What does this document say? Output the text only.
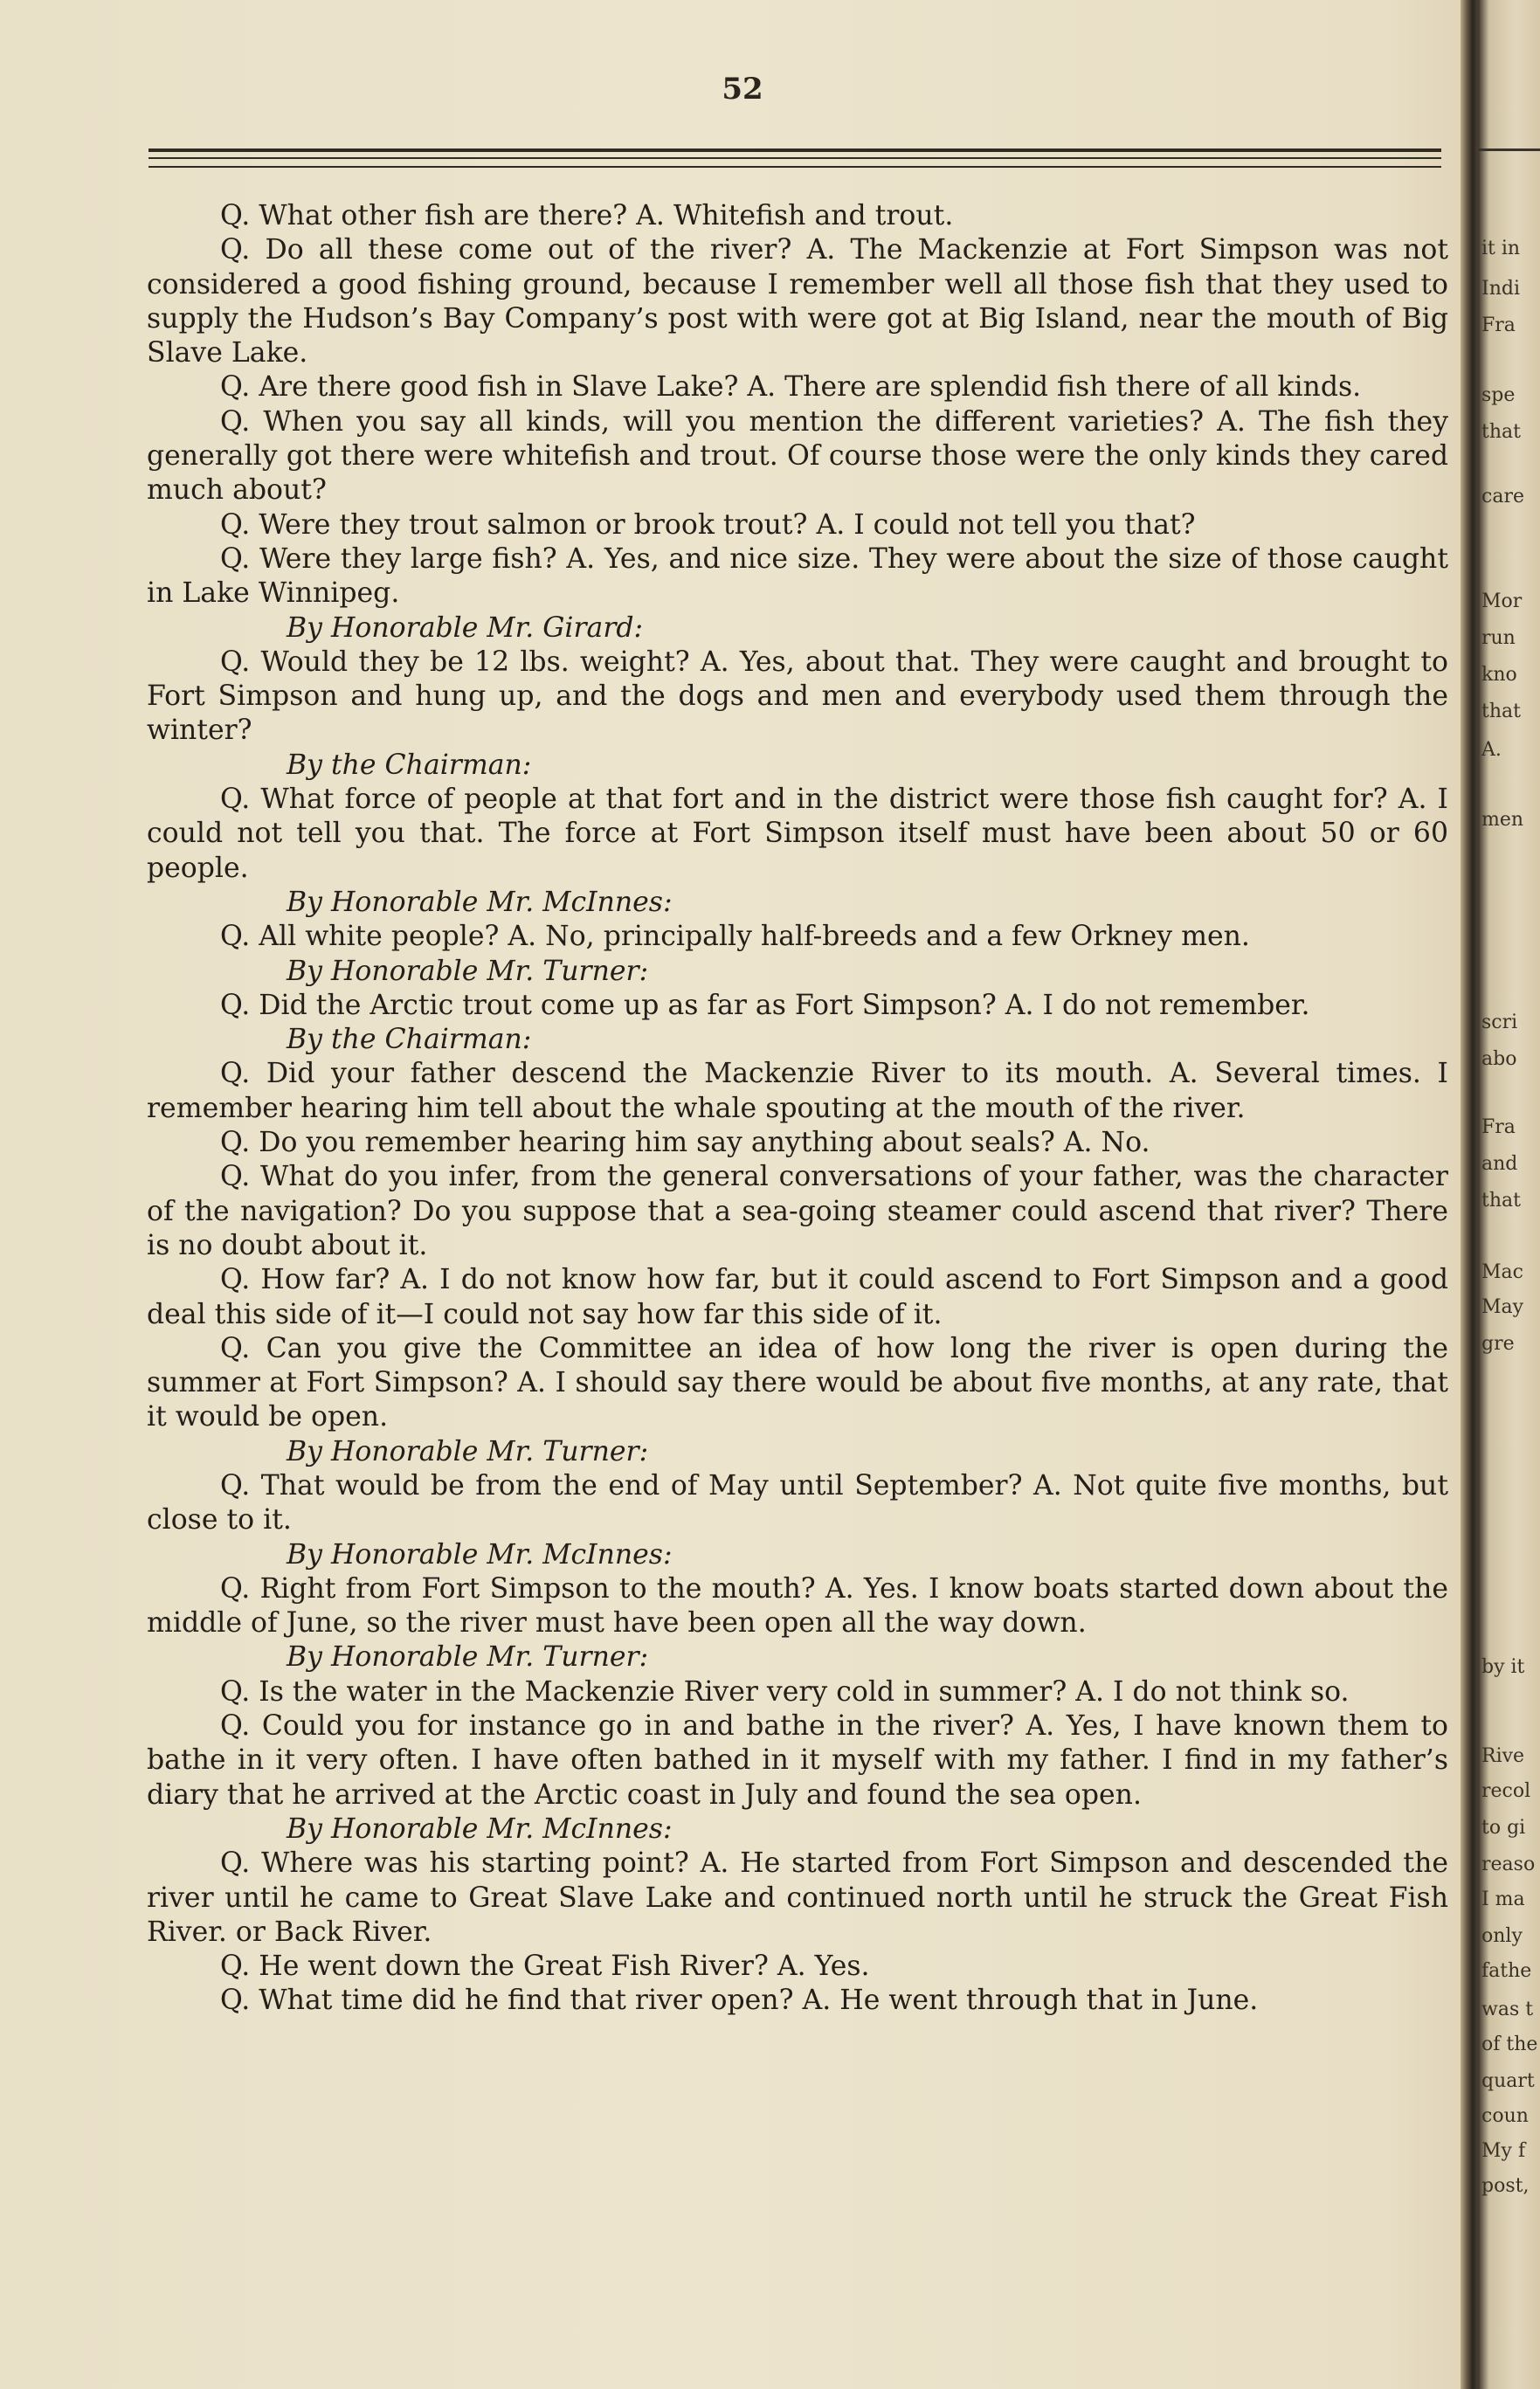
52

Q. What other fish are there? A. Whitefish and trout.

Q. Do all these come out of the river? A. The Mackenzie at Fort Simpson was not considered a good fishing ground, because I remember well all those fish that they used to supply the Hudson’s Bay Company’s post with were got at Big Island, near the mouth of Big Slave Lake.

Q. Are there good fish in Slave Lake? A. There are splendid fish there of all kinds.

Q. When you say all kinds, will you mention the different varieties? A. The fish they generally got there were whitefish and trout. Of course those were the only kinds they cared much about?

Q. Were they trout salmon or brook trout? A. I could not tell you that?

Q. Were they large fish? A. Yes, and nice size. They were about the size of those caught in Lake Winnipeg.

By Honorable Mr. Girard:

Q. Would they be 12 lbs. weight? A. Yes, about that. They were caught and brought to Fort Simpson and hung up, and the dogs and men and everybody used them through the winter?

By the Chairman:

Q. What force of people at that fort and in the district were those fish caught for? A. I could not tell you that. The force at Fort Simpson itself must have been about 50 or 60 people.

By Honorable Mr. McInnes:

Q. All white people? A. No, principally half-breeds and a few Orkney men.

By Honorable Mr. Turner:

Q. Did the Arctic trout come up as far as Fort Simpson? A. I do not remember.

By the Chairman:

Q. Did your father descend the Mackenzie River to its mouth. A. Several times. I remember hearing him tell about the whale spouting at the mouth of the river.

Q. Do you remember hearing him say anything about seals? A. No.

Q. What do you infer, from the general conversations of your father, was the character of the navigation? Do you suppose that a sea-going steamer could ascend that river? There is no doubt about it.

Q. How far? A. I do not know how far, but it could ascend to Fort Simpson and a good deal this side of it—I could not say how far this side of it.

Q. Can you give the Committee an idea of how long the river is open during the summer at Fort Simpson? A. I should say there would be about five months, at any rate, that it would be open.

By Honorable Mr. Turner:

Q. That would be from the end of May until September? A. Not quite five months, but close to it.

By Honorable Mr. McInnes:

Q. Right from Fort Simpson to the mouth? A. Yes. I know boats started down about the middle of June, so the river must have been open all the way down.

By Honorable Mr. Turner:

Q. Is the water in the Mackenzie River very cold in summer? A. I do not think so.

Q. Could you for instance go in and bathe in the river? A. Yes, I have known them to bathe in it very often. I have often bathed in it myself with my father. I find in my father’s diary that he arrived at the Arctic coast in July and found the sea open.

By Honorable Mr. McInnes:

Q. Where was his starting point? A. He started from Fort Simpson and descended the river until he came to Great Slave Lake and continued north until he struck the Great Fish River. or Back River.

Q. He went down the Great Fish River? A. Yes.

Q. What time did he find that river open? A. He went through that in June.

it in
Indi
Fra
spe
that
care
Mor
run
kno
that
A.
men
scri
abo
Fra
and
that
Mac
May
gre
by it
Rive
recol
to gi
reaso
I ma
only
fathe
was t
of the
quart
coun
My f
post,
